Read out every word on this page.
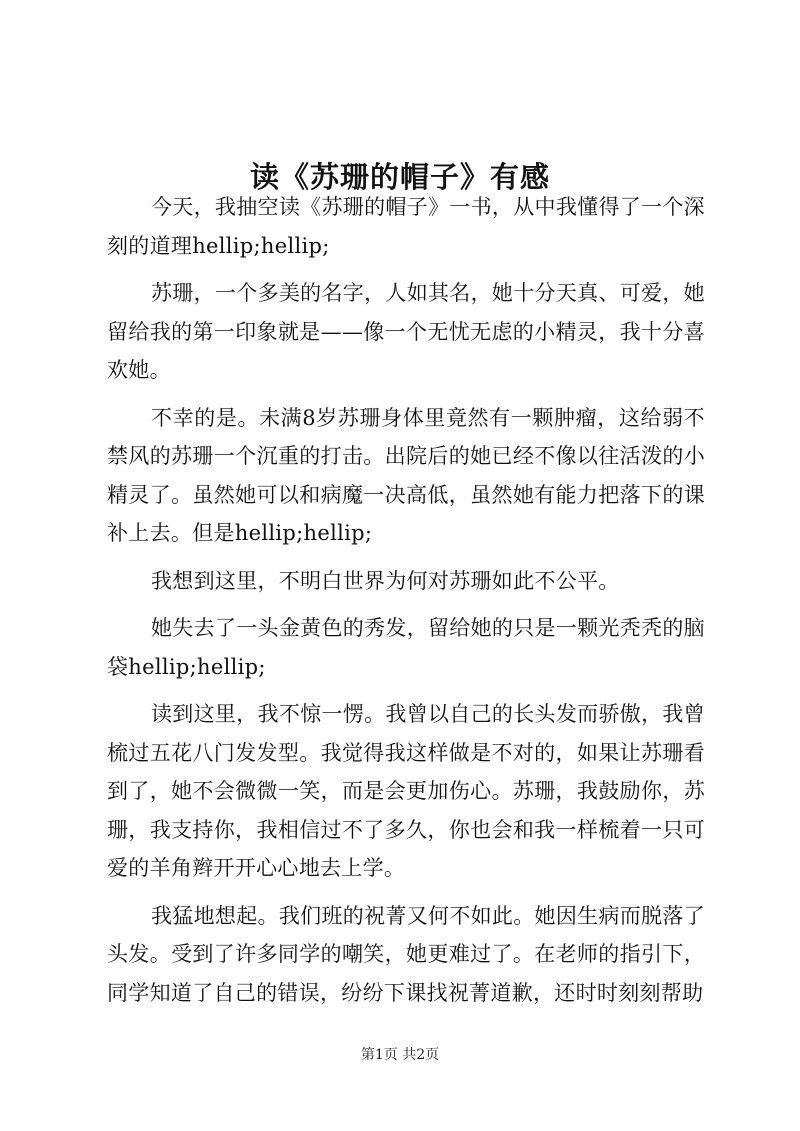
读《苏珊的帽子》有感

今天，我抽空读《苏珊的帽子》一书，从中我懂得了一个深刻的道理hellip;hellip;

苏珊，一个多美的名字，人如其名，她十分天真、可爱，她留给我的第一印象就是——像一个无忧无虑的小精灵，我十分喜欢她。

不幸的是。未满8岁苏珊身体里竟然有一颗肿瘤，这给弱不禁风的苏珊一个沉重的打击。出院后的她已经不像以往活泼的小精灵了。虽然她可以和病魔一决高低，虽然她有能力把落下的课补上去。但是hellip;hellip;

我想到这里，不明白世界为何对苏珊如此不公平。

她失去了一头金黄色的秀发，留给她的只是一颗光秃秃的脑袋hellip;hellip;

读到这里，我不惊一愣。我曾以自己的长头发而骄傲，我曾梳过五花八门发发型。我觉得我这样做是不对的，如果让苏珊看到了，她不会微微一笑，而是会更加伤心。苏珊，我鼓励你，苏珊，我支持你，我相信过不了多久，你也会和我一样梳着一只可爱的羊角辫开开心心地去上学。

我猛地想起。我们班的祝菁又何不如此。她因生病而脱落了头发。受到了许多同学的嘲笑，她更难过了。在老师的指引下，同学知道了自己的错误，纷纷下课找祝菁道歉，还时时刻刻帮助

第1页 共2页
